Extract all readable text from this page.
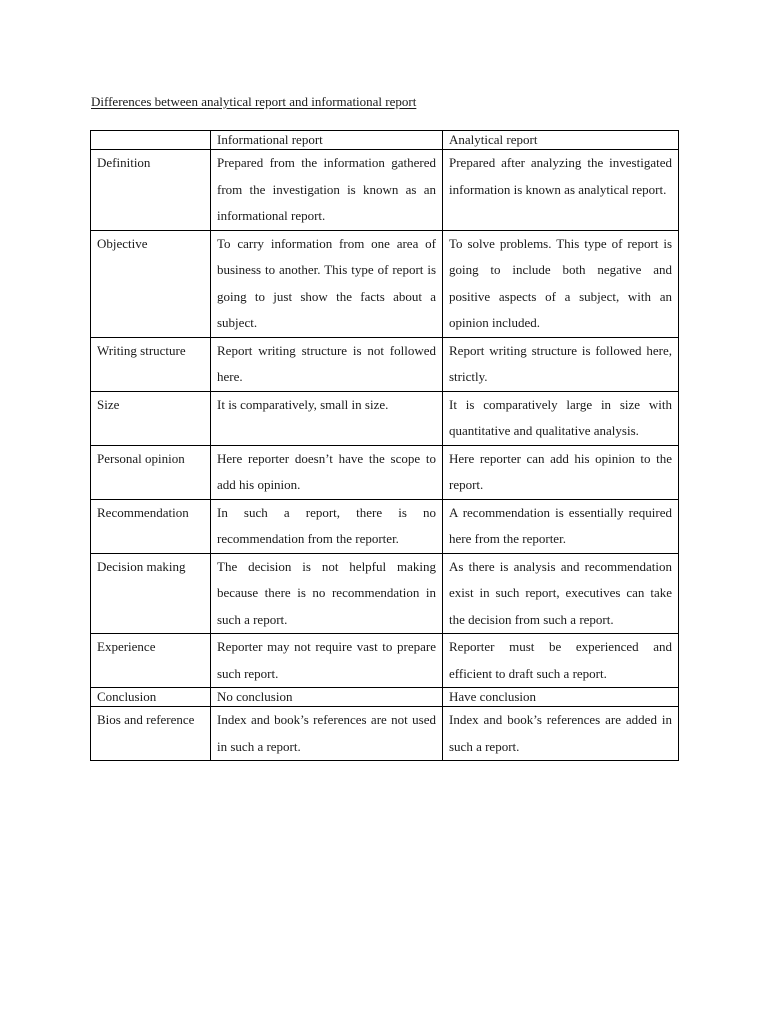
Differences between analytical report and informational report
	Informational report	Analytical report
Definition	Prepared from the information gathered from the investigation is known as an informational report.	Prepared after analyzing the investigated information is known as analytical report.
Objective	To carry information from one area of business to another. This type of report is going to just show the facts about a subject.	To solve problems. This type of report is going to include both negative and positive aspects of a subject, with an opinion included.
Writing structure	Report writing structure is not followed here.	Report writing structure is followed here, strictly.
Size	It is comparatively, small in size.	It is comparatively large in size with quantitative and qualitative analysis.
Personal opinion	Here reporter doesn’t have the scope to add his opinion.	Here reporter can add his opinion to the report.
Recommendation	In such a report, there is no recommendation from the reporter.	A recommendation is essentially required here from the reporter.
Decision making	The decision is not helpful making because there is no recommendation in such a report.	As there is analysis and recommendation exist in such report, executives can take the decision from such a report.
Experience	Reporter may not require vast to prepare such report.	Reporter must be experienced and efficient to draft such a report.
Conclusion	No conclusion	Have conclusion
Bios and reference	Index and book’s references are not used in such a report.	Index and book’s references are added in such a report.
